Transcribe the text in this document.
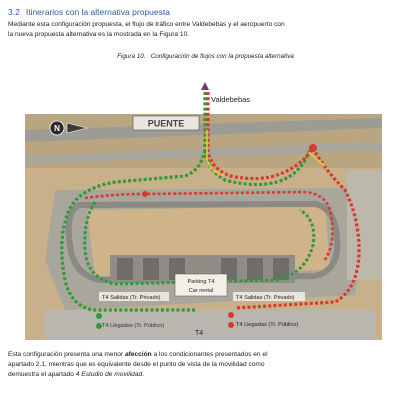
3.2 Itinerarios con la alternativa propuesta
Mediante esta configuración propuesta, el flujo de tráfico entre Valdebebas y el aeropuerto con
la nueva propuesta alternativa es la mostrada en la Figura 10.
Figura 10. Configuración de flujos con la propuesta alternativa
PUENTE
N
Valdebebas
Parking T4
Car rental
T4 Salidas (Tr. Privado)	T4 Salidas (Tr. Privado)
T4 Llegadas (Tr. Público)	T4 Llegadas (Tr. Público)
T4
Esta configuración presenta una menor afección a los condicionantes presentados en el
apartado 2.1, mientras que es equivalente desde el punto de vista de la movilidad como
demuestra el apartado 4 Estudio de movilidad.
